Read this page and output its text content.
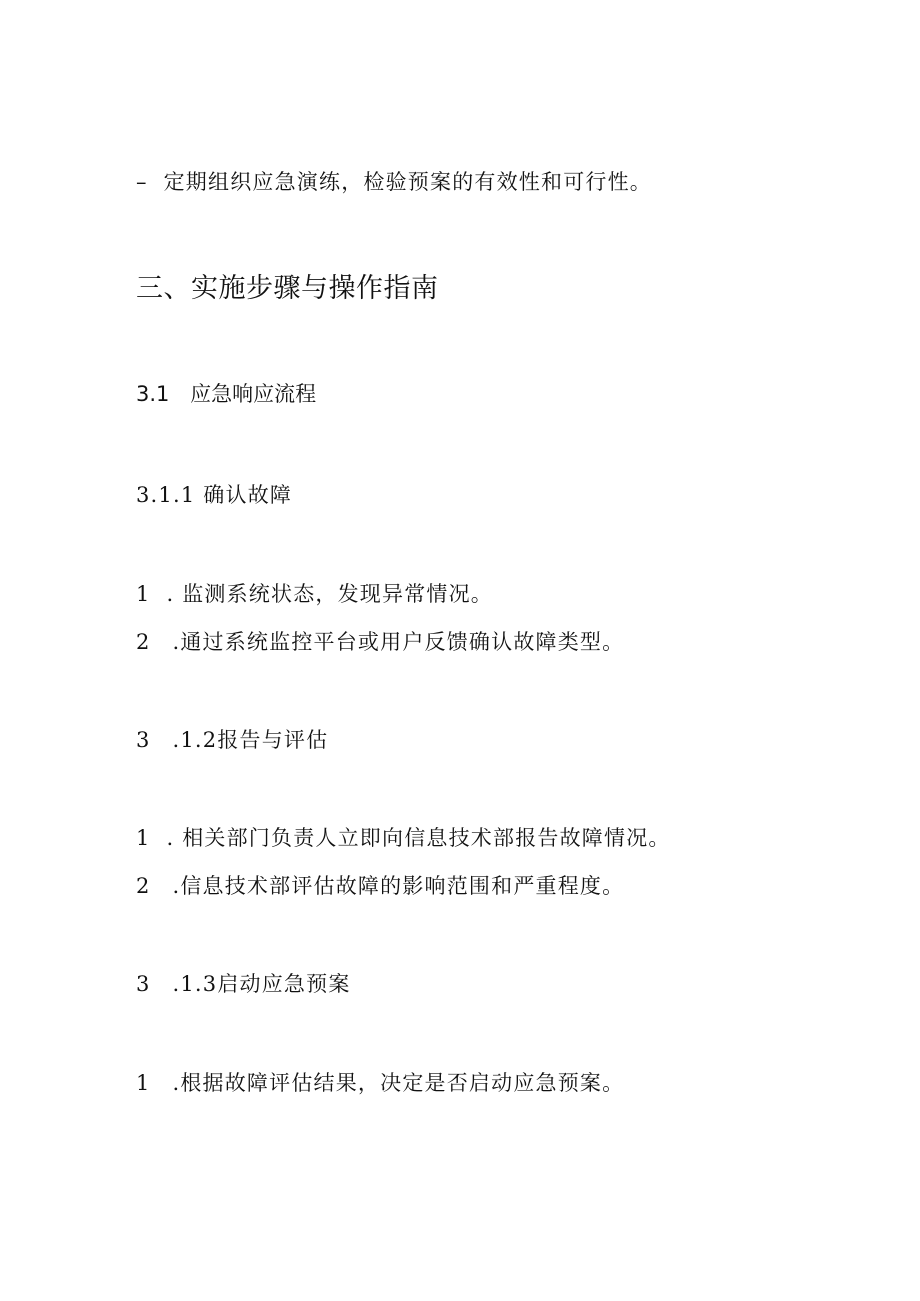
– 定期组织应急演练，检验预案的有效性和可行性。

三、实施步骤与操作指南
3.1 应急响应流程

3.1.1 确认故障

1 . 监测系统状态，发现异常情况。

2 .通过系统监控平台或用户反馈确认故障类型。

3 .1.2报告与评估

1 . 相关部门负责人立即向信息技术部报告故障情况。

2 .信息技术部评估故障的影响范围和严重程度。

3 .1.3启动应急预案

1 .根据故障评估结果，决定是否启动应急预案。
